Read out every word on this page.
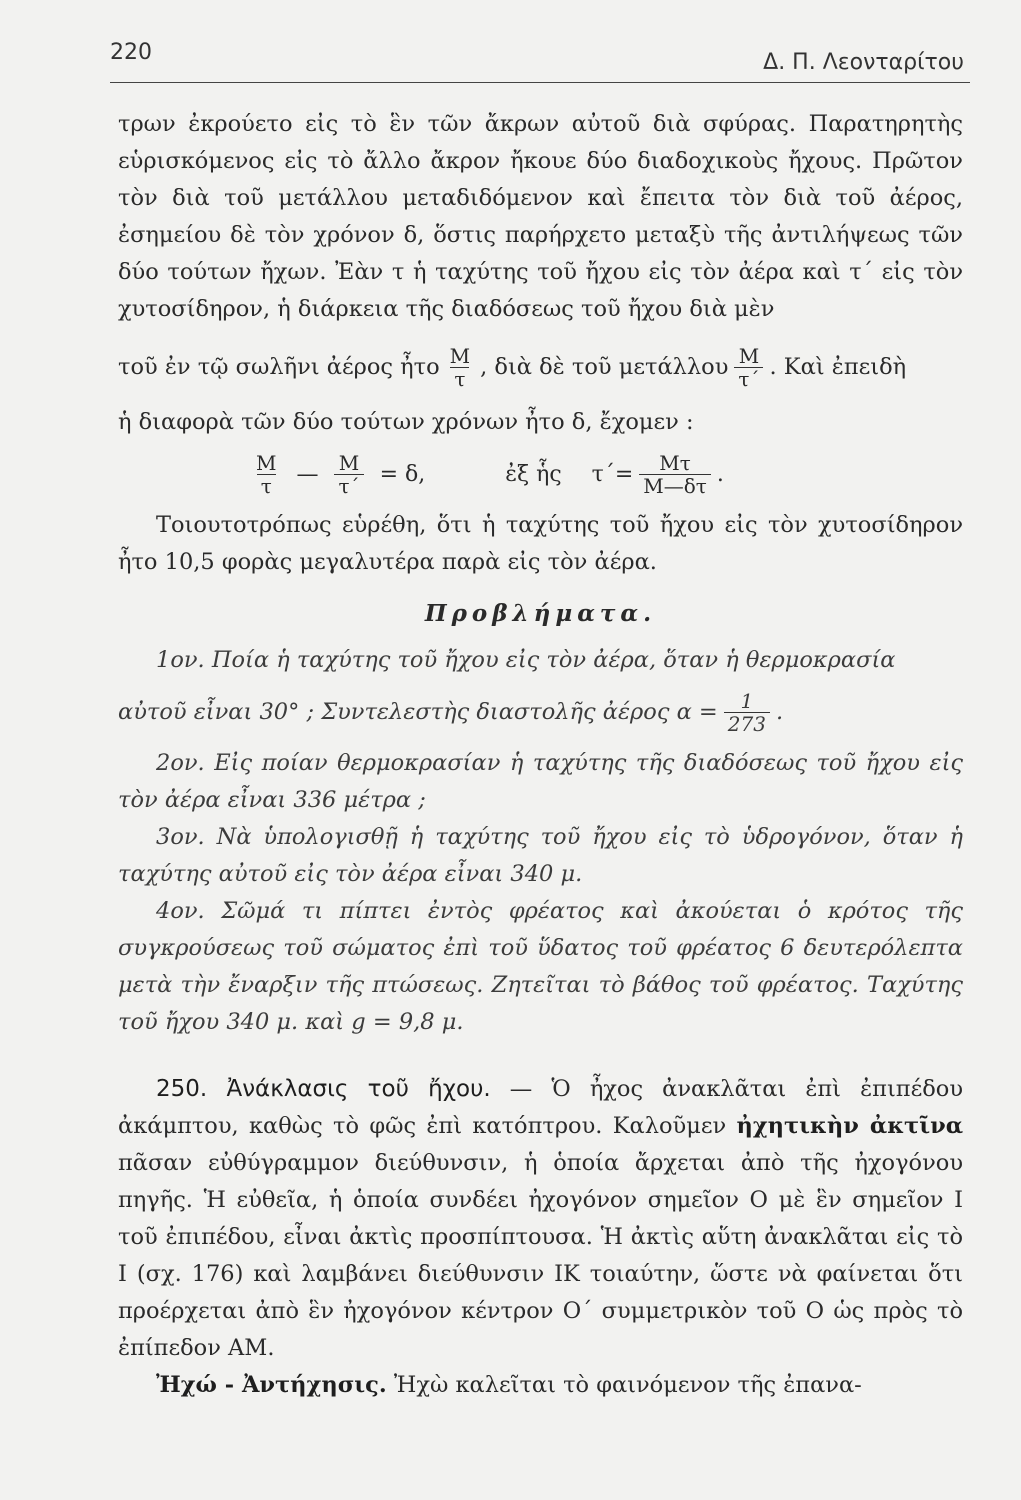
220	Δ. Π. Λεονταρίτου

τρων ἐκρούετο εἰς τὸ ἓν τῶν ἄκρων αὐτοῦ διὰ σφύρας. Παρατηρητὴς εὑρισκόμενος εἰς τὸ ἄλλο ἄκρον ἤκουε δύο διαδοχικοὺς ἤχους. Πρῶτον τὸν διὰ τοῦ μετάλλου μεταδιδόμενον καὶ ἔπειτα τὸν διὰ τοῦ ἀέρος, ἐσημείου δὲ τὸν χρόνον δ, ὅστις παρήρχετο μεταξὺ τῆς ἀντιλήψεως τῶν δύο τούτων ἤχων. Ἐὰν τ ἡ ταχύτης τοῦ ἤχου εἰς τὸν ἀέρα καὶ τ΄ εἰς τὸν χυτοσίδηρον, ἡ διάρκεια τῆς διαδόσεως τοῦ ἤχου διὰ μὲν

τοῦ ἐν τῷ σωλῆνι ἀέρος ἦτο $\frac{M}{\tau}$ , διὰ δὲ τοῦ μετάλλου $\frac{M}{\tau΄}$ . Καὶ ἐπειδὴ

ἡ διαφορὰ τῶν δύο τούτων χρόνων ἦτο δ, ἔχομεν :

$\frac{M}{\tau}$ — $\frac{M}{\tau΄} = \delta$,	ἐξ ἧς $\tau΄= \frac{M\tau}{M—\delta\tau}$ .

Τοιουτοτρόπως εὑρέθη, ὅτι ἡ ταχύτης τοῦ ἤχου εἰς τὸν χυτοσίδηρον ἦτο 10,5 φορὰς μεγαλυτέρα παρὰ εἰς τὸν ἀέρα.

Προβλήματα.

1ον. Ποία ἡ ταχύτης τοῦ ἤχου εἰς τὸν ἀέρα, ὅταν ἡ θερμοκρασία

αὐτοῦ εἶναι 30° ; Συντελεστὴς διαστολῆς ἀέρος $\alpha = \frac{1}{273}$ .

2ον. Εἰς ποίαν θερμοκρασίαν ἡ ταχύτης τῆς διαδόσεως τοῦ ἤχου εἰς τὸν ἀέρα εἶναι 336 μέτρα ;

3ον. Νὰ ὑπολογισθῇ ἡ ταχύτης τοῦ ἤχου εἰς τὸ ὑδρογόνον, ὅταν ἡ ταχύτης αὐτοῦ εἰς τὸν ἀέρα εἶναι 340 μ.

4ον. Σῶμά τι πίπτει ἐντὸς φρέατος καὶ ἀκούεται ὁ κρότος τῆς συγκρούσεως τοῦ σώματος ἐπὶ τοῦ ὕδατος τοῦ φρέατος 6 δευτερόλεπτα μετὰ τὴν ἔναρξιν τῆς πτώσεως. Ζητεῖται τὸ βάθος τοῦ φρέατος. Ταχύτης τοῦ ἤχου 340 μ. καὶ g = 9,8 μ.

250. Ἀνάκλασις τοῦ ἤχου. — Ὁ ἦχος ἀνακλᾶται ἐπὶ ἐπιπέδου ἀκάμπτου, καθὼς τὸ φῶς ἐπὶ κατόπτρου. Καλοῦμεν ἠχητικὴν ἀκτῖνα πᾶσαν εὐθύγραμμον διεύθυνσιν, ἡ ὁποία ἄρχεται ἀπὸ τῆς ἠχογόνου πηγῆς. Ἡ εὐθεῖα, ἡ ὁποία συνδέει ἠχογόνον σημεῖον Ο μὲ ἓν σημεῖον Ι τοῦ ἐπιπέδου, εἶναι ἀκτὶς προσπίπτουσα. Ἡ ἀκτὶς αὕτη ἀνακλᾶται εἰς τὸ Ι (σχ. 176) καὶ λαμβάνει διεύθυνσιν ΙΚ τοιαύτην, ὥστε νὰ φαίνεται ὅτι προέρχεται ἀπὸ ἓν ἠχογόνον κέντρον Ο΄ συμμετρικὸν τοῦ Ο ὡς πρὸς τὸ ἐπίπεδον ΑΜ.

Ἠχώ - Ἀντήχησις. Ἠχὼ καλεῖται τὸ φαινόμενον τῆς ἐπανα-
